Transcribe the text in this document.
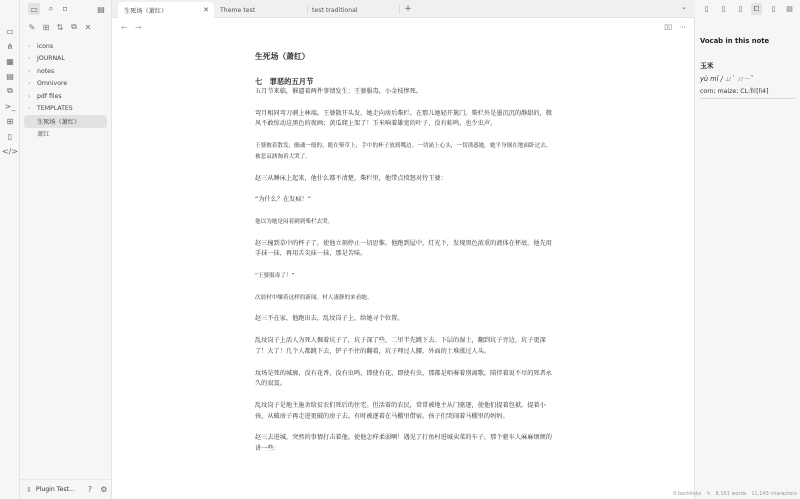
▭
⋔
▦
▤
⧉
>_
⊞
▯
</>
▭	⌕	⌑	▤
✎ ⊞ ⇅ ⧉ ✕
›	icons
›	JOURNAL
›	notes
›	Omnivore
›	pdf files
›	TEMPLATES
生死场（萧红）
萧红
⇕ Plugin Test...	?	⚙
生死场（萧红）	✕ Theme test	test traditional	+	⌄
← →	▯▯ ⋯
生死场（萧红）
七　罪恶的五月节

五月节来临，催逼着两件事情发生：王婆服毒，小金枝惨死。

弯月相同弯刀刺上林端。王婆散开头发，她走向房后柴栏。在那儿她轻开篱门。柴栏外是墨沉沉的静甜的，微风不敢惊动这黑色的夜画；黄瓜爬上架了！玉米响着雄宽的叶子，没有蛙鸣，也少虫声。

王婆披着散发，幽魂一般的，跪在柴草上，手中的杯子放到嘴边。一切涌上心头，一切诱惑她。她平身倒在地面卧过去。被悲哀汹淘着大哭了。

赵三从睡床上起来，他什么都不清楚，柴栏里，他带点愤怒对待王婆：

“为什么？在发疯！”

他以为她是闷着刺到柴栏去哭。

赵三撞到草中的杯子了，使他立刻停止一切思惟。他跑到屋中，灯光下，发现黑色浓重的液体在杯底。他先用手抹一抹，再用舌尖抹一抹，那是苦味。

“王婆服毒了！”

次晨村中嚷着这样的新闻。村人凄静的来看她。

赵三不在家，他跑出去，乱坟岗子上，给她寻个位置。

乱坟岗子上活人为死人掘着坑子了，坑子深了些，二里半先跳下去。下层的湿土，翻到坑子旁边，坑子更深了！大了！几个人都跳下去，铲子不住的翻着，坑子埋过人腰。外面的土堆涨过人头。

坟场是死的城廓，没有花香，没有虫鸣，即使有花，即使有虫，那都是唱奏着别离歌，陪伴着说不尽的死者永久的寂寞。

乱坟岗子是地主施舍给贫农们死后的住宅。但活着的农民，常常被地主从门驱逐，使他们提着包袱，提着小孩，从破房子再走进更破的房子去。有时被逐着在马棚里借宿。孩子们哭闹着马棚里的妈妈。

赵三去进城，突然的事情打击着他。使他怎样柔弱啊！遇见了打鱼村进城卖菜的车子，那个驱车人麻麻烦烦的讲一些：

▯	▯	▯	⧠	▯	▤
Vocab in this note
玉米
yù mǐ / ㄩˋ ㄇㄧˇ
corn; maize; CL:粒[lì4]
0 backlinks ✎ 8,161 words 11,143 characters
